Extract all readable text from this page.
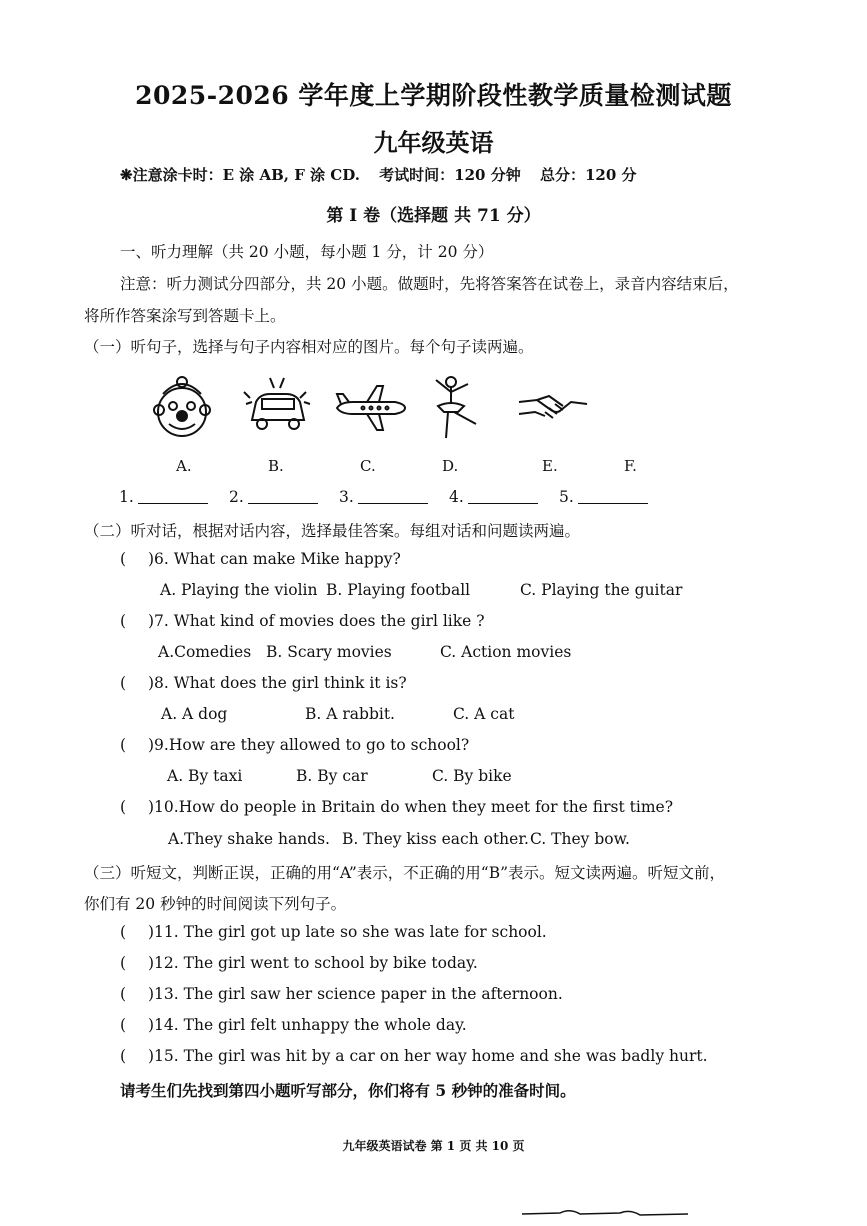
2025-2026 学年度上学期阶段性教学质量检测试题
九年级英语
❋注意涂卡时：E 涂 AB, F 涂 CD. 考试时间：120 分钟 总分：120 分
第 I 卷（选择题 共 71 分）
一、听力理解（共 20 小题，每小题 1 分，计 20 分）
注意：听力测试分四部分，共 20 小题。做题时，先将答案答在试卷上，录音内容结束后，
将所作答案涂写到答题卡上。
（一）听句子，选择与句子内容相对应的图片。每个句子读两遍。
A.	B.	C.	D.	E.	F.
1.	2.	3.	4.	5.
（二）听对话，根据对话内容，选择最佳答案。每组对话和问题读两遍。
( )6. What can make Mike happy?
A. Playing the violin B. Playing football	C. Playing the guitar
( )7. What kind of movies does the girl like ?
A.Comedies B. Scary movies	C. Action movies
( )8. What does the girl think it is?
A. A dog	B. A rabbit.	C. A cat
( )9.How are they allowed to go to school?
A. By taxi	B. By car	C. By bike
( )10.How do people in Britain do when they meet for the first time?
A.They shake hands. B. They kiss each other. C. They bow.
（三）听短文，判断正误，正确的用“A”表示，不正确的用“B”表示。短文读两遍。听短文前，
你们有 20 秒钟的时间阅读下列句子。
( )11. The girl got up late so she was late for school.
( )12. The girl went to school by bike today.
( )13. The girl saw her science paper in the afternoon.
( )14. The girl felt unhappy the whole day.
( )15. The girl was hit by a car on her way home and she was badly hurt.
请考生们先找到第四小题听写部分，你们将有 5 秒钟的准备时间。
九年级英语试卷 第 1 页 共 10 页
